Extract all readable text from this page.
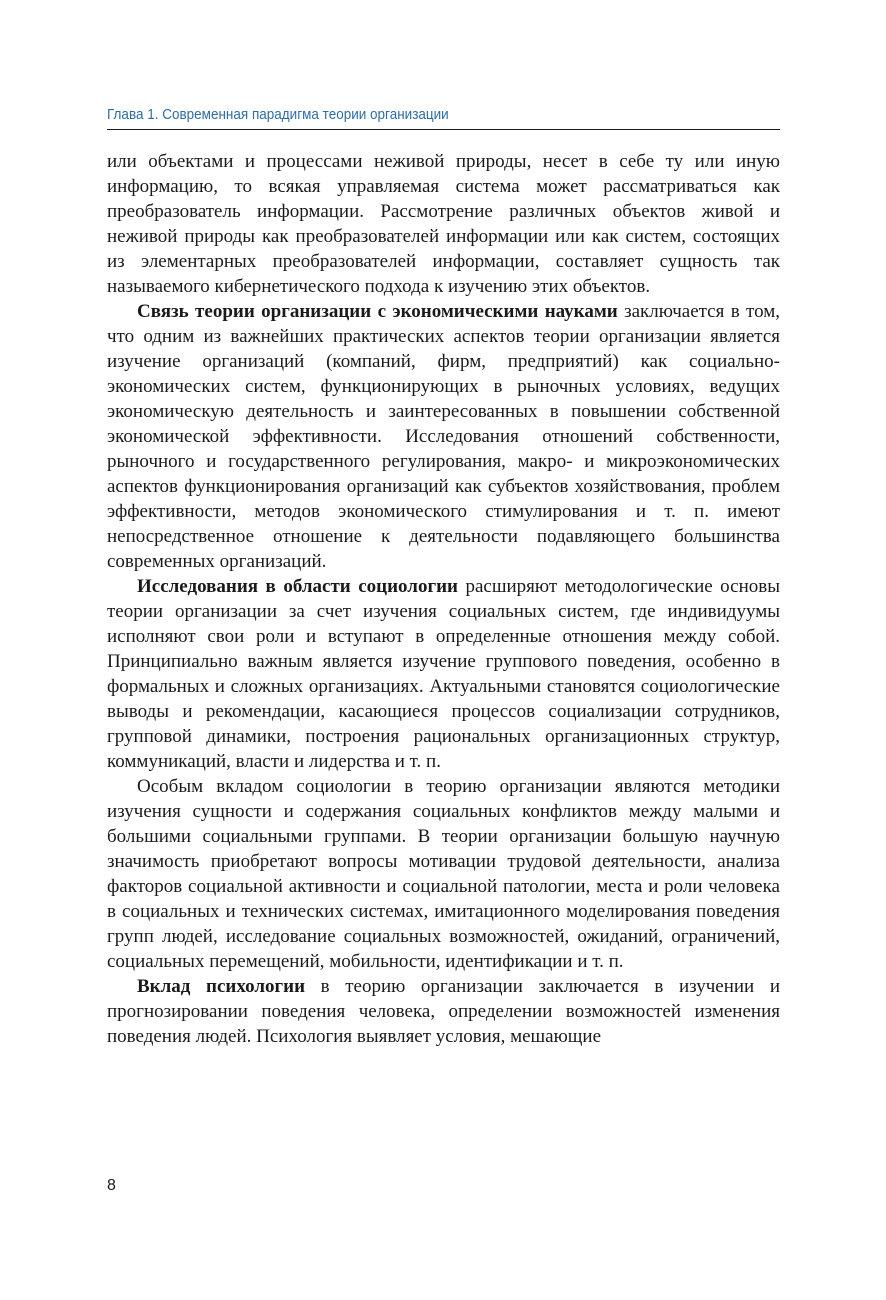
Глава 1. Современная парадигма теории организации

или объектами и процессами неживой природы, несет в себе ту или иную информацию, то всякая управляемая система может рассматриваться как преобразователь информации. Рассмотрение различных объектов живой и неживой природы как преобразователей информации или как систем, состоящих из элементарных преобразователей информации, составляет сущность так называемого кибернетического подхода к изучению этих объектов.

Связь теории организации с экономическими науками заключается в том, что одним из важнейших практических аспектов теории организации является изучение организаций (компаний, фирм, предприятий) как социально-экономических систем, функционирующих в рыночных условиях, ведущих экономическую деятельность и заинтересованных в повышении собственной экономической эффективности. Исследования отношений собственности, рыночного и государственного регулирования, макро- и микроэкономических аспектов функционирования организаций как субъектов хозяйствования, проблем эффективности, методов экономического стимулирования и т. п. имеют непосредственное отношение к деятельности подавляющего большинства современных организаций.

Исследования в области социологии расширяют методологические основы теории организации за счет изучения социальных систем, где индивидуумы исполняют свои роли и вступают в определенные отношения между собой. Принципиально важным является изучение группового поведения, особенно в формальных и сложных организациях. Актуальными становятся социологические выводы и рекомендации, касающиеся процессов социализации сотрудников, групповой динамики, построения рациональных организационных структур, коммуникаций, власти и лидерства и т. п.

Особым вкладом социологии в теорию организации являются методики изучения сущности и содержания социальных конфликтов между малыми и большими социальными группами. В теории организации большую научную значимость приобретают вопросы мотивации трудовой деятельности, анализа факторов социальной активности и социальной патологии, места и роли человека в социальных и технических системах, имитационного моделирования поведения групп людей, исследование социальных возможностей, ожиданий, ограничений, социальных перемещений, мобильности, идентификации и т. п.

Вклад психологии в теорию организации заключается в изучении и прогнозировании поведения человека, определении возможностей изменения поведения людей. Психология выявляет условия, мешающие

8
